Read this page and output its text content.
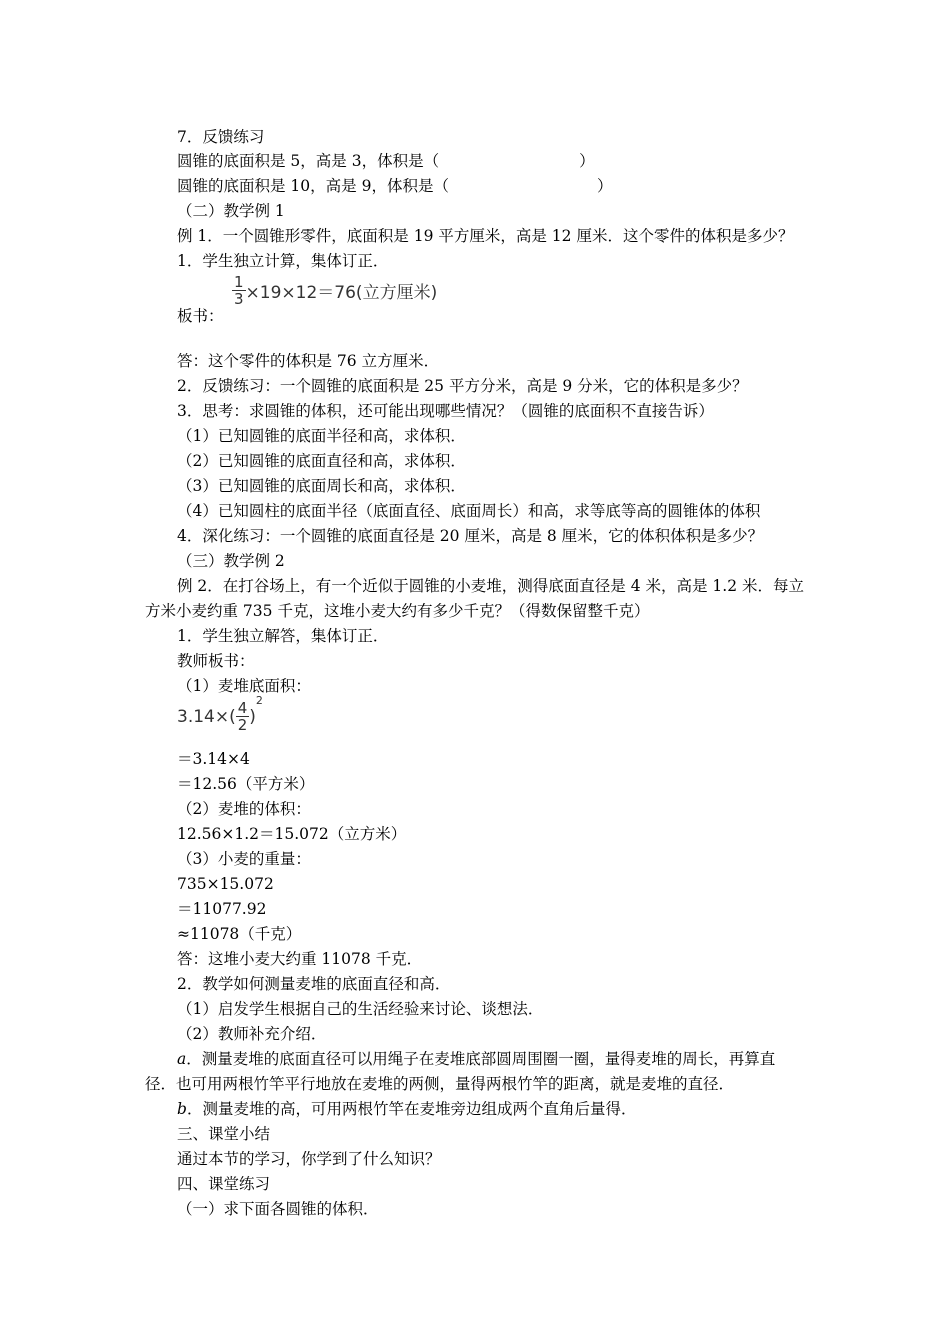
7．反馈练习
圆锥的底面积是 5，高是 3，体积是（	）
圆锥的底面积是 10，高是 9，体积是（	）
（二）教学例 1
例 1．一个圆锥形零件，底面积是 19 平方厘米，高是 12 厘米．这个零件的体积是多少？
1．学生独立计算，集体订正．
$\frac{1}{3} \times 19\times 12=76$(立方厘米)
板书：
答：这个零件的体积是 76 立方厘米．
2．反馈练习：一个圆锥的底面积是 25 平方分米，高是 9 分米，它的体积是多少？
3．思考：求圆锥的体积，还可能出现哪些情况？（圆锥的底面积不直接告诉）
（1）已知圆锥的底面半径和高，求体积．
（2）已知圆锥的底面直径和高，求体积．
（3）已知圆锥的底面周长和高，求体积．
（4）已知圆柱的底面半径（底面直径、底面周长）和高，求等底等高的圆锥体的体积
4．深化练习：一个圆锥的底面直径是 20 厘米，高是 8 厘米，它的体积体积是多少？
（三）教学例 2
例 2．在打谷场上，有一个近似于圆锥的小麦堆，测得底面直径是 4 米，高是 1.2 米．每立
方米小麦约重 735 千克，这堆小麦大约有多少千克？（得数保留整千克）
1．学生独立解答，集体订正．
教师板书：
（1）麦堆底面积：
$3.14\times( \frac{4}{2} )^2$
＝3.14×4
＝12.56（平方米）
（2）麦堆的体积：
12.56×1.2＝15.072（立方米）
（3）小麦的重量：
735×15.072
＝11077.92
≈11078（千克）
答：这堆小麦大约重 11078 千克．
2．教学如何测量麦堆的底面直径和高．
（1）启发学生根据自己的生活经验来讨论、谈想法．
（2）教师补充介绍．
a．测量麦堆的底面直径可以用绳子在麦堆底部圆周围圈一圈，量得麦堆的周长，再算直
径．也可用两根竹竿平行地放在麦堆的两侧，量得两根竹竿的距离，就是麦堆的直径．
b．测量麦堆的高，可用两根竹竿在麦堆旁边组成两个直角后量得．
三、课堂小结
通过本节的学习，你学到了什么知识？
四、课堂练习
（一）求下面各圆锥的体积．
